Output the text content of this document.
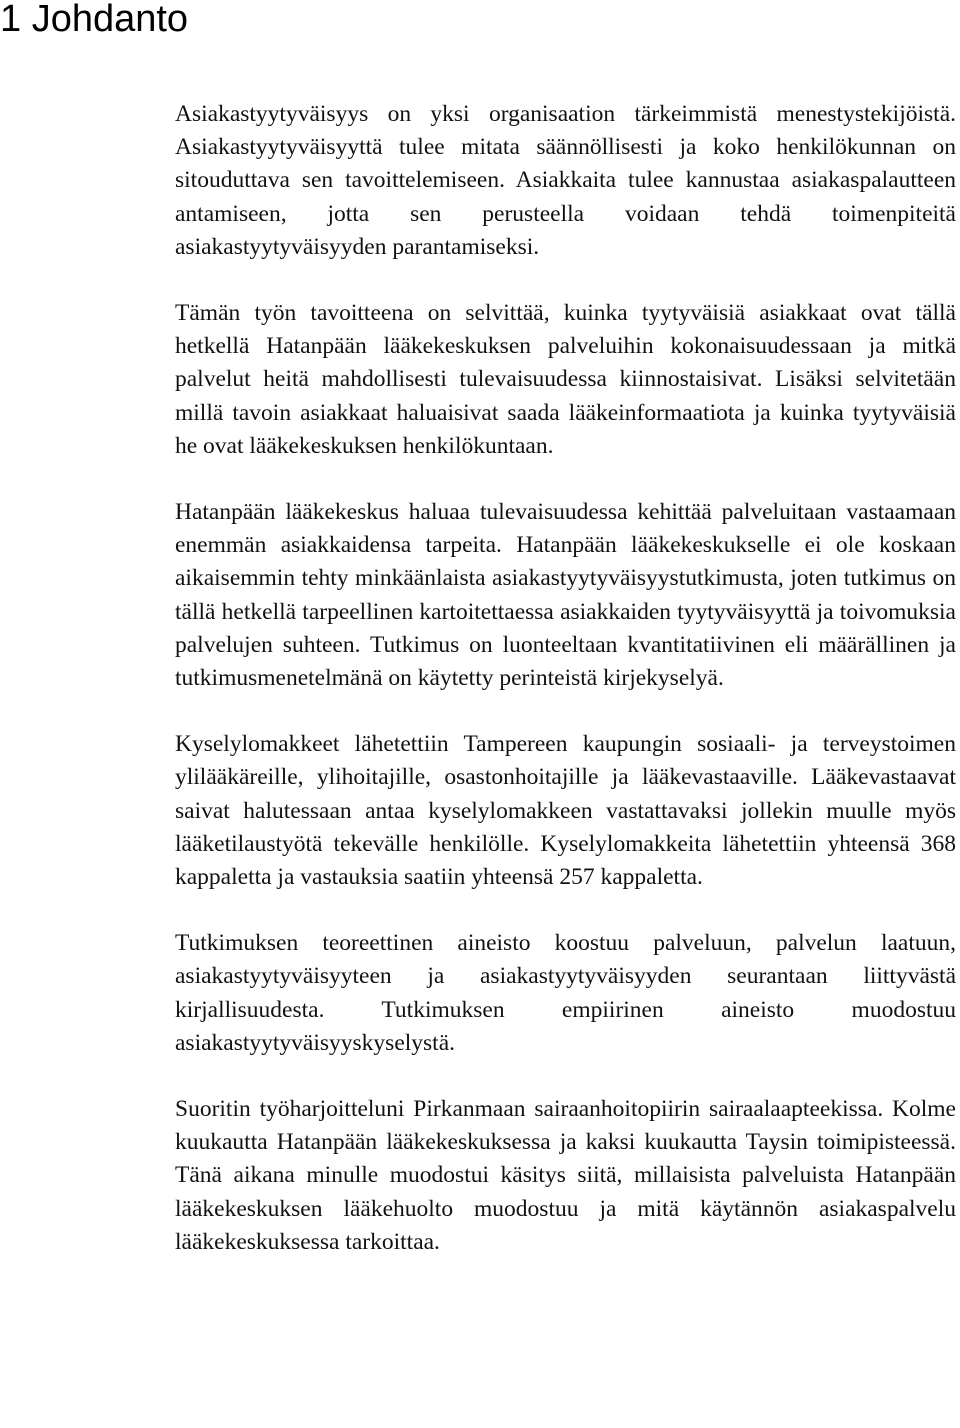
1 Johdanto

Asiakastyytyväisyys on yksi organisaation tärkeimmistä menestystekijöistä. Asiakastyytyväisyyttä tulee mitata säännöllisesti ja koko henkilökunnan on sitouduttava sen tavoittelemiseen. Asiakkaita tulee kannustaa asiakaspalautteen antamiseen, jotta sen perusteella voidaan tehdä toimenpiteitä asiakastyytyväisyyden parantamiseksi.

Tämän työn tavoitteena on selvittää, kuinka tyytyväisiä asiakkaat ovat tällä hetkellä Hatanpään lääkekeskuksen palveluihin kokonaisuudessaan ja mitkä palvelut heitä mahdollisesti tulevaisuudessa kiinnostaisivat. Lisäksi selvitetään millä tavoin asiakkaat haluaisivat saada lääkeinformaatiota ja kuinka tyytyväisiä he ovat lääkekeskuksen henkilökuntaan.

Hatanpään lääkekeskus haluaa tulevaisuudessa kehittää palveluitaan vastaamaan enemmän asiakkaidensa tarpeita. Hatanpään lääkekeskukselle ei ole koskaan aikaisemmin tehty minkäänlaista asiakastyytyväisyystutkimusta, joten tutkimus on tällä hetkellä tarpeellinen kartoitettaessa asiakkaiden tyytyväisyyttä ja toivomuksia palvelujen suhteen. Tutkimus on luonteeltaan kvantitatiivinen eli määrällinen ja tutkimusmenetelmänä on käytetty perinteistä kirjekyselyä.

Kyselylomakkeet lähetettiin Tampereen kaupungin sosiaali- ja terveystoimen ylilääkäreille, ylihoitajille, osastonhoitajille ja lääkevastaaville. Lääkevastaavat saivat halutessaan antaa kyselylomakkeen vastattavaksi jollekin muulle myös lääketilaustyötä tekevälle henkilölle. Kyselylomakkeita lähetettiin yhteensä 368 kappaletta ja vastauksia saatiin yhteensä 257 kappaletta.

Tutkimuksen teoreettinen aineisto koostuu palveluun, palvelun laatuun, asiakastyytyväisyyteen ja asiakastyytyväisyyden seurantaan liittyvästä kirjallisuudesta. Tutkimuksen empiirinen aineisto muodostuu asiakastyytyväisyyskyselystä.

Suoritin työharjoitteluni Pirkanmaan sairaanhoitopiirin sairaalaapteekissa. Kolme kuukautta Hatanpään lääkekeskuksessa ja kaksi kuukautta Taysin toimipisteessä. Tänä aikana minulle muodostui käsitys siitä, millaisista palveluista Hatanpään lääkekeskuksen lääkehuolto muodostuu ja mitä käytännön asiakaspalvelu lääkekeskuksessa tarkoittaa.
